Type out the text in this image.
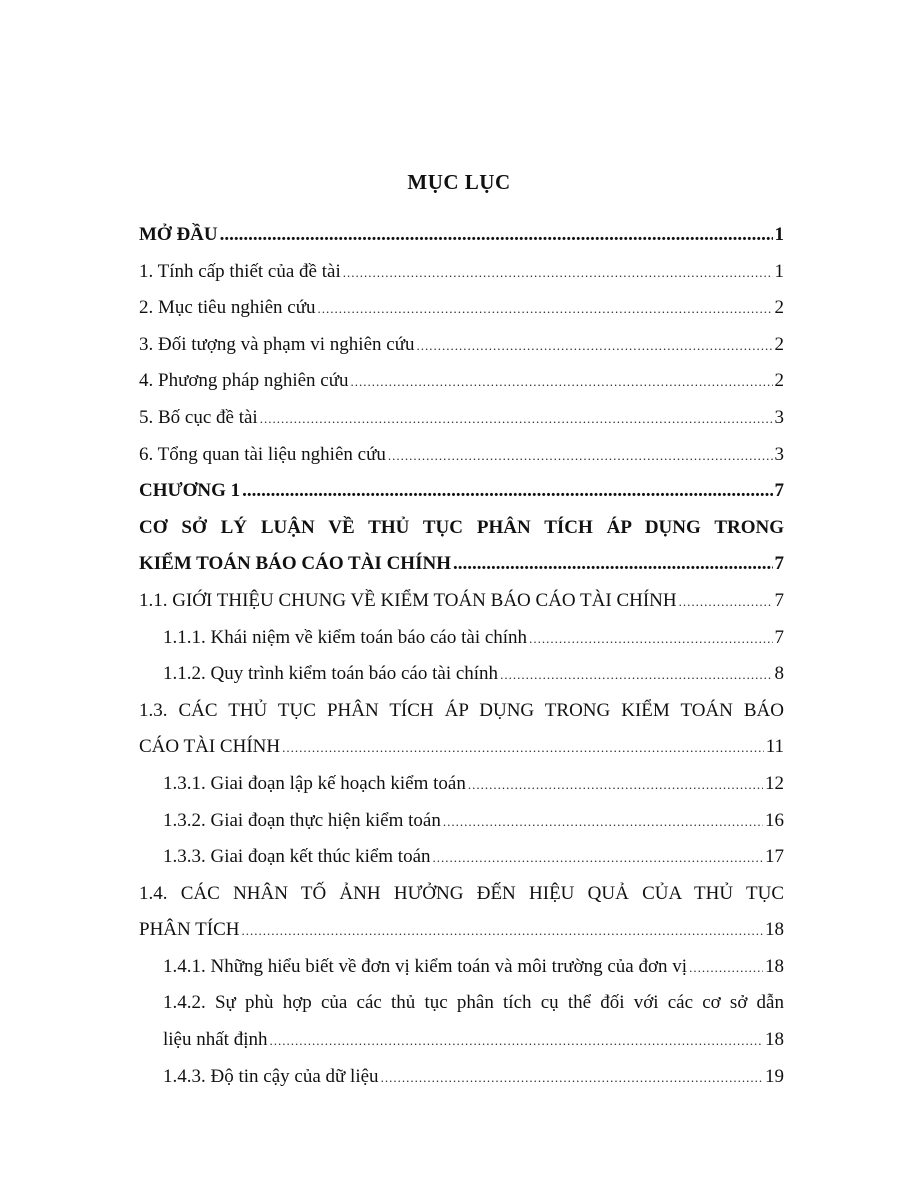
MỤC LỤC
MỞ ĐẦU .....	1
1. Tính cấp thiết của đề tài .....	1
2. Mục tiêu nghiên cứu .....	2
3. Đối tượng và phạm vi nghiên cứu .....	2
4. Phương pháp nghiên cứu .....	2
5. Bố cục đề tài .....	3
6. Tổng quan tài liệu nghiên cứu .....	3
CHƯƠNG 1 .....	7
CƠ SỞ LÝ LUẬN VỀ THỦ TỤC PHÂN TÍCH ÁP DỤNG TRONG
KIỂM TOÁN BÁO CÁO TÀI CHÍNH .....	7
1.1. GIỚI THIỆU CHUNG VỀ KIỂM TOÁN BÁO CÁO TÀI CHÍNH .....	7
1.1.1. Khái niệm về kiểm toán báo cáo tài chính .....	7
1.1.2. Quy trình kiểm toán báo cáo tài chính .....	8
1.3. CÁC THỦ TỤC PHÂN TÍCH ÁP DỤNG TRONG KIỂM TOÁN BÁO
CÁO TÀI CHÍNH .....	11
1.3.1. Giai đoạn lập kế hoạch kiểm toán .....	12
1.3.2. Giai đoạn thực hiện kiểm toán .....	16
1.3.3. Giai đoạn kết thúc kiểm toán .....	17
1.4. CÁC NHÂN TỐ ẢNH HƯỞNG ĐẾN HIỆU QUẢ CỦA THỦ TỤC
PHÂN TÍCH .....	18
1.4.1. Những hiểu biết về đơn vị kiểm toán và môi trường của đơn vị .....	18
1.4.2. Sự phù hợp của các thủ tục phân tích cụ thể đối với các cơ sở dẫn
liệu nhất định .....	18
1.4.3. Độ tin cậy của dữ liệu .....	19
